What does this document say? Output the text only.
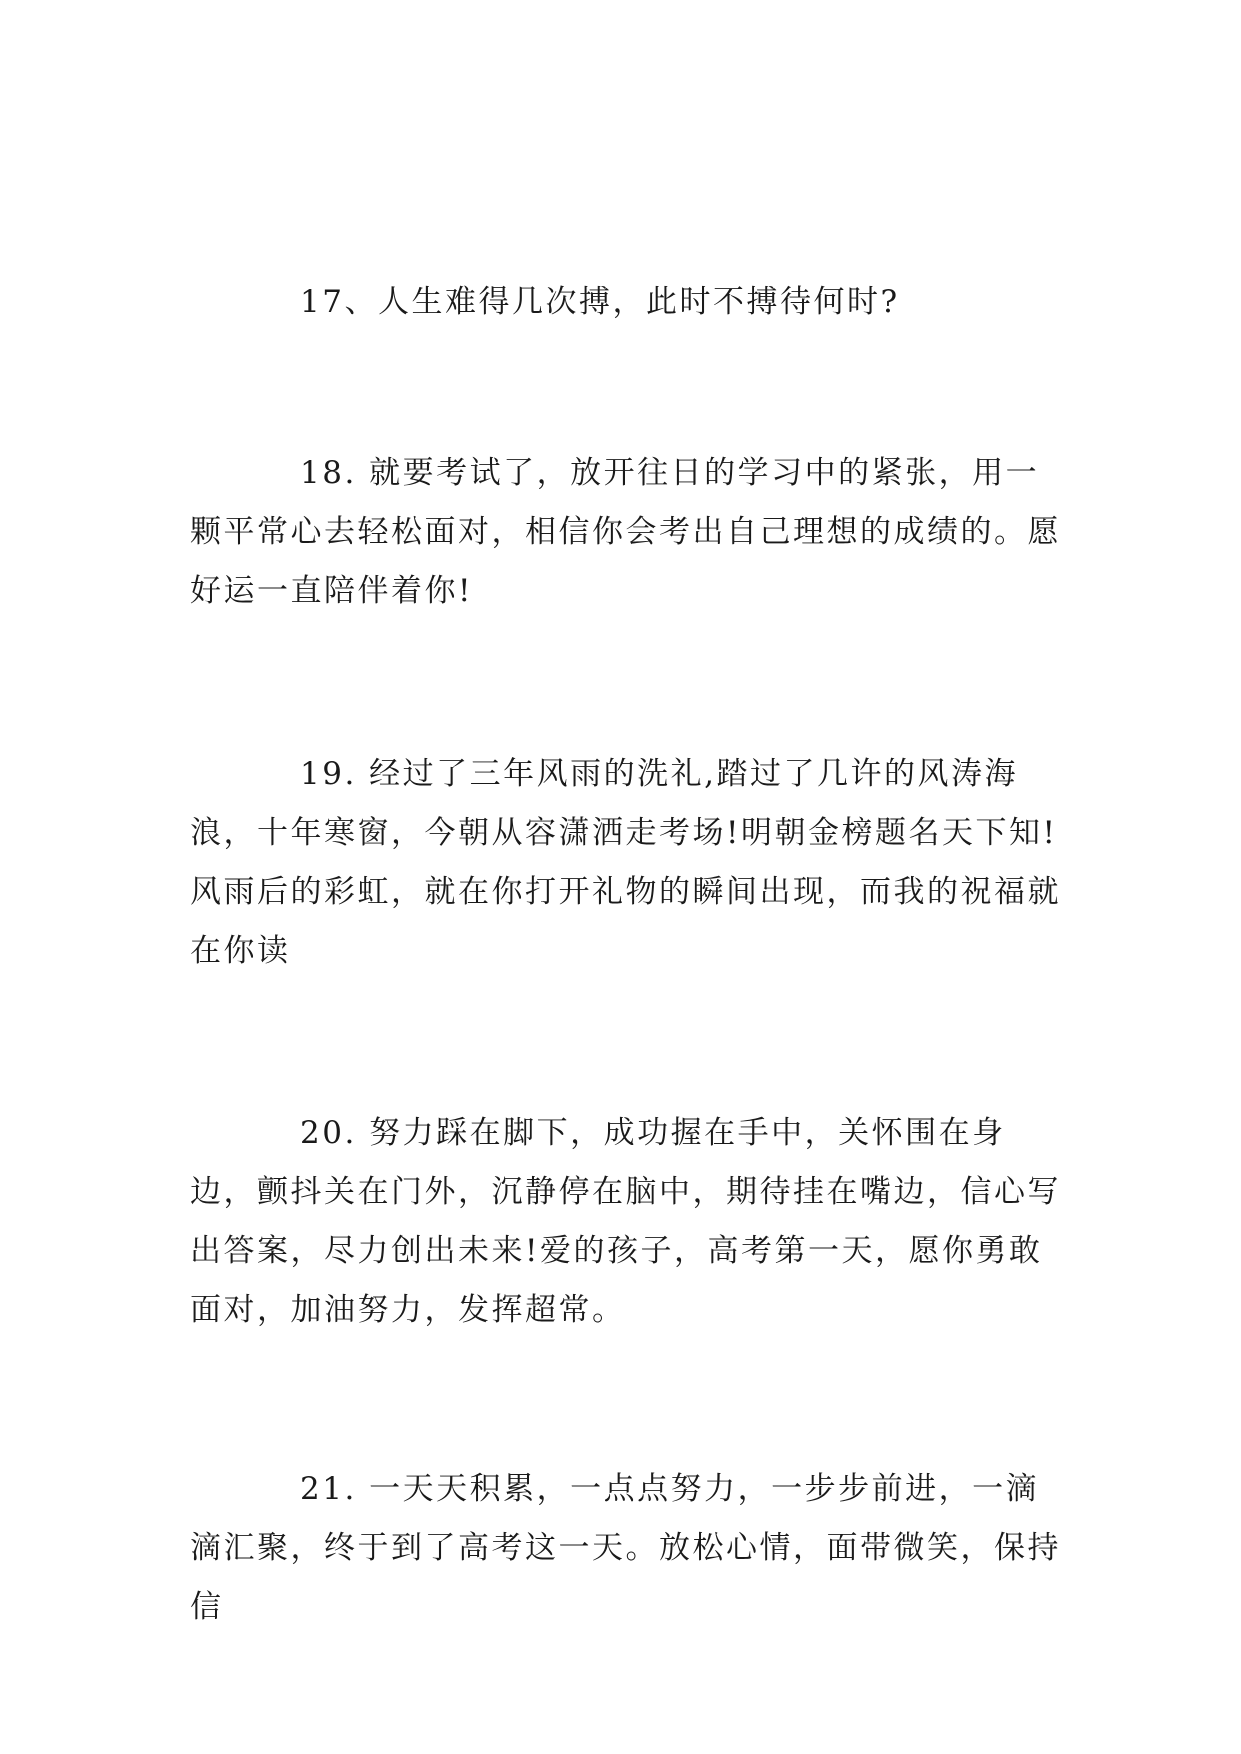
17、人生难得几次搏，此时不搏待何时?

18. 就要考试了，放开往日的学习中的紧张，用一颗平常心去轻松面对，相信你会考出自己理想的成绩的。愿好运一直陪伴着你!

19. 经过了三年风雨的洗礼,踏过了几许的风涛海浪，十年寒窗，今朝从容潇洒走考场!明朝金榜题名天下知!风雨后的彩虹，就在你打开礼物的瞬间出现，而我的祝福就在你读

20. 努力踩在脚下，成功握在手中，关怀围在身边，颤抖关在门外，沉静停在脑中，期待挂在嘴边，信心写出答案，尽力创出未来!爱的孩子，高考第一天，愿你勇敢面对，加油努力，发挥超常。

21. 一天天积累，一点点努力，一步步前进，一滴滴汇聚，终于到了高考这一天。放松心情，面带微笑，保持信
